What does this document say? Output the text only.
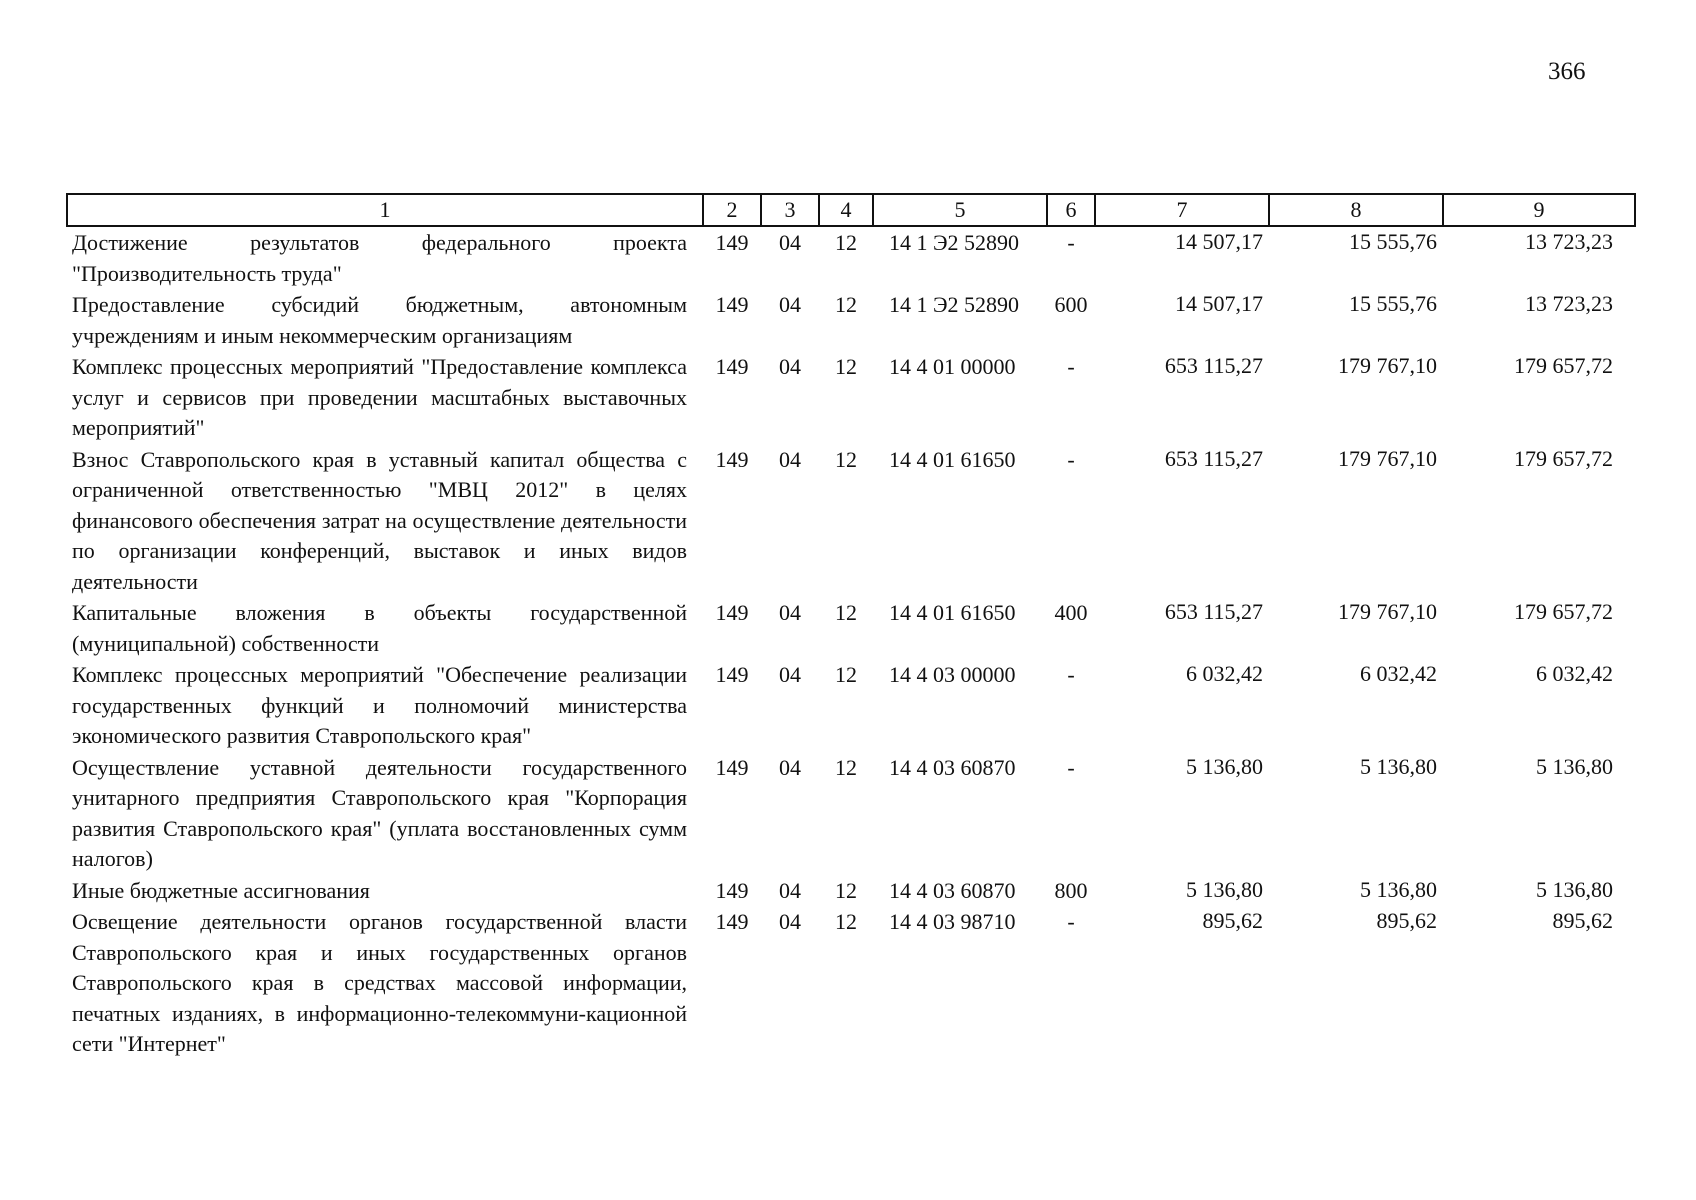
366
1	2	3	4	5	6	7	8	9
Достижение результатов федерального проекта "Производительность труда"	149	04	12	14 1 Э2 52890	-	14 507,17	15 555,76	13 723,23
Предоставление субсидий бюджетным, автономным учреждениям и иным некоммерческим организациям	149	04	12	14 1 Э2 52890	600	14 507,17	15 555,76	13 723,23
Комплекс процессных мероприятий "Предоставление комплекса услуг и сервисов при проведении масштабных выставочных мероприятий"	149	04	12	14 4 01 00000	-	653 115,27	179 767,10	179 657,72
Взнос Ставропольского края в уставный капитал общества с ограниченной ответственностью "МВЦ 2012" в целях финансового обеспечения затрат на осуществление деятельности по организации конференций, выставок и иных видов деятельности	149	04	12	14 4 01 61650	-	653 115,27	179 767,10	179 657,72
Капитальные вложения в объекты государственной (муниципальной) собственности	149	04	12	14 4 01 61650	400	653 115,27	179 767,10	179 657,72
Комплекс процессных мероприятий "Обеспечение реализации государственных функций и полномочий министерства экономического развития Ставропольского края"	149	04	12	14 4 03 00000	-	6 032,42	6 032,42	6 032,42
Осуществление уставной деятельности государственного унитарного предприятия Ставропольского края "Корпорация развития Ставропольского края" (уплата восстановленных сумм налогов)	149	04	12	14 4 03 60870	-	5 136,80	5 136,80	5 136,80
Иные бюджетные ассигнования	149	04	12	14 4 03 60870	800	5 136,80	5 136,80	5 136,80
Освещение деятельности органов государственной власти Ставропольского края и иных государственных органов Ставропольского края в средствах массовой информации, печатных изданиях, в информационно-телекоммуни-кационной сети "Интернет"	149	04	12	14 4 03 98710	-	895,62	895,62	895,62
